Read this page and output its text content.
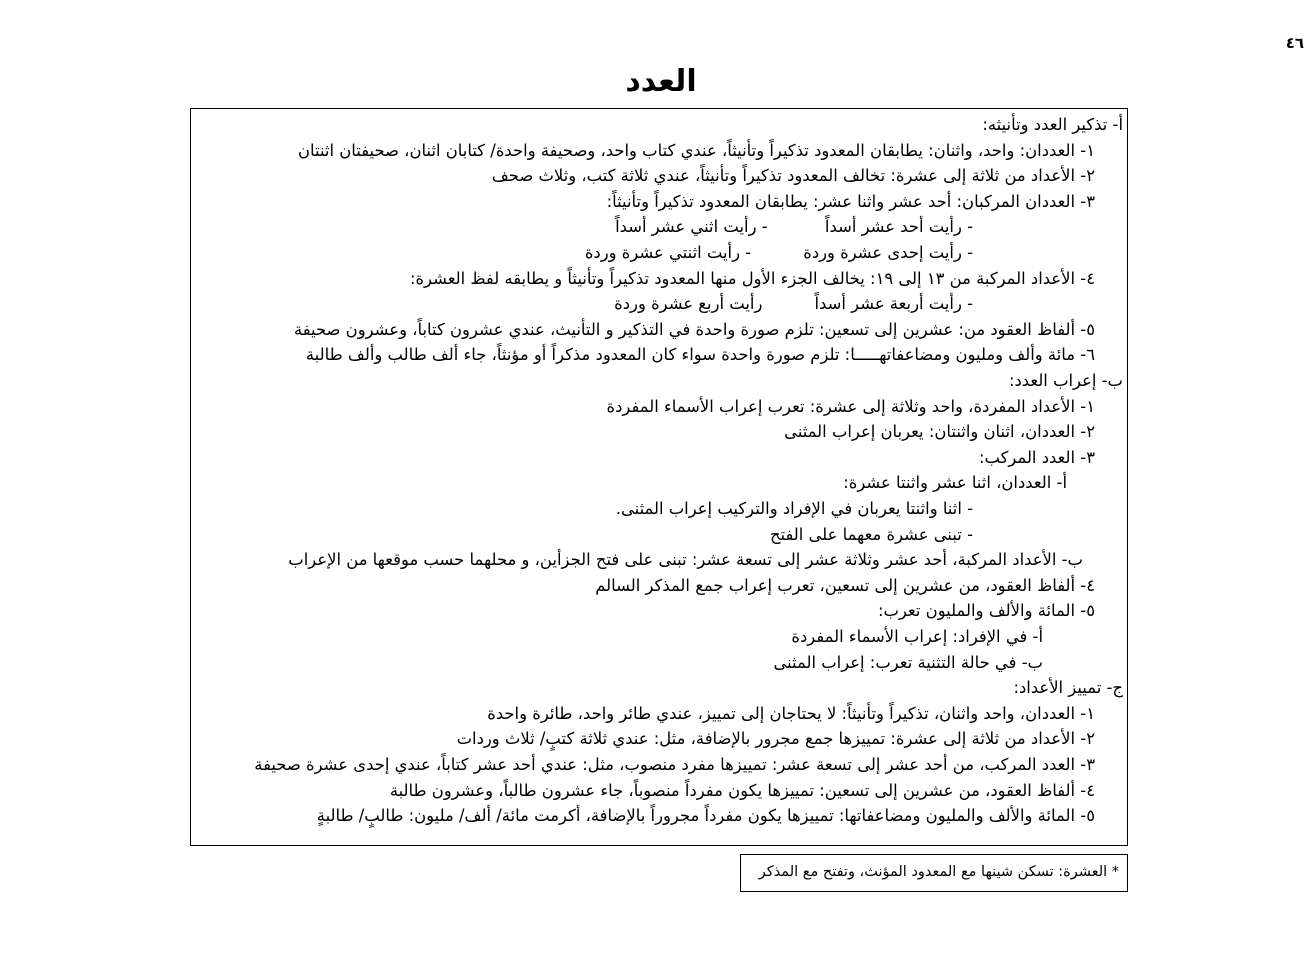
٤٦
العدد
أ- تذكير العدد وتأنيثه:
١- العددان: واحد، واثنان: يطابقان المعدود تذكيراً وتأنيثاً، عندي كتاب واحد، وصحيفة واحدة/ كتابان اثنان، صحيفتان اثنتان
٢- الأعداد من ثلاثة إلى عشرة: تخالف المعدود تذكيراً وتأنيثاً، عندي ثلاثة كتب، وثلاث صحف
٣- العددان المركبان: أحد عشر واثنا عشر: يطابقان المعدود تذكيراً وتأنيثاً:
- رأيت أحد عشر أسداً           - رأيت اثني عشر أسداً
- رأيت إحدى عشرة وردة          - رأيت اثنتي عشرة وردة
٤- الأعداد المركبة من ١٣ إلى ١٩: يخالف الجزء الأول منها المعدود تذكيراً وتأنيثاً و يطابقه لفظ العشرة:
- رأيت أربعة عشر أسداً          رأيت أربع عشرة وردة
٥- ألفاظ العقود من: عشرين إلى تسعين: تلزم صورة واحدة في التذكير و التأنيث، عندي عشرون كتاباً، وعشرون صحيفة
٦- مائة وألف ومليون ومضاعفاتهـــــا: تلزم صورة واحدة سواء كان المعدود مذكراً أو مؤنثاً، جاء ألف طالب وألف طالبة
ب- إعراب العدد:
١- الأعداد المفردة، واحد وثلاثة إلى عشرة: تعرب إعراب الأسماء المفردة
٢- العددان، اثنان واثنتان: يعربان إعراب المثنى
٣- العدد المركب:
أ- العددان، اثنا عشر واثنتا عشرة:
- اثنا واثنتا يعربان في الإفراد والتركيب إعراب المثنى.
- تبنى عشرة معهما على الفتح
ب- الأعداد المركبة، أحد عشر وثلاثة عشر إلى تسعة عشر: تبنى على فتح الجزأين، و محلهما حسب موقعها من الإعراب
٤- ألفاظ العقود، من عشرين إلى تسعين، تعرب إعراب جمع المذكر السالم
٥- المائة والألف والمليون تعرب:
أ- في الإفراد: إعراب الأسماء المفردة
ب- في حالة التثنية تعرب: إعراب المثنى
ج- تمييز الأعداد:
١- العددان، واحد واثنان، تذكيراً وتأنيثاً: لا يحتاجان إلى تمييز، عندي طائر واحد، طائرة واحدة
٢- الأعداد من ثلاثة إلى عشرة: تمييزها جمع مجرور بالإضافة، مثل: عندي ثلاثة كتبٍ/ ثلاث وردات
٣- العدد المركب، من أحد عشر إلى تسعة عشر: تمييزها مفرد منصوب، مثل: عندي أحد عشر كتاباً، عندي إحدى عشرة صحيفة
٤- ألفاظ العقود، من عشرين إلى تسعين: تمييزها يكون مفرداً منصوباً، جاء عشرون طالباً، وعشرون طالبة
٥- المائة والألف والمليون ومضاعفاتها: تمييزها يكون مفرداً مجروراً بالإضافة، أكرمت مائة/ ألف/ مليون: طالبٍ/ طالبةٍ
* العشرة: تسكن شينها مع المعدود المؤنث، وتفتح مع المذكر
